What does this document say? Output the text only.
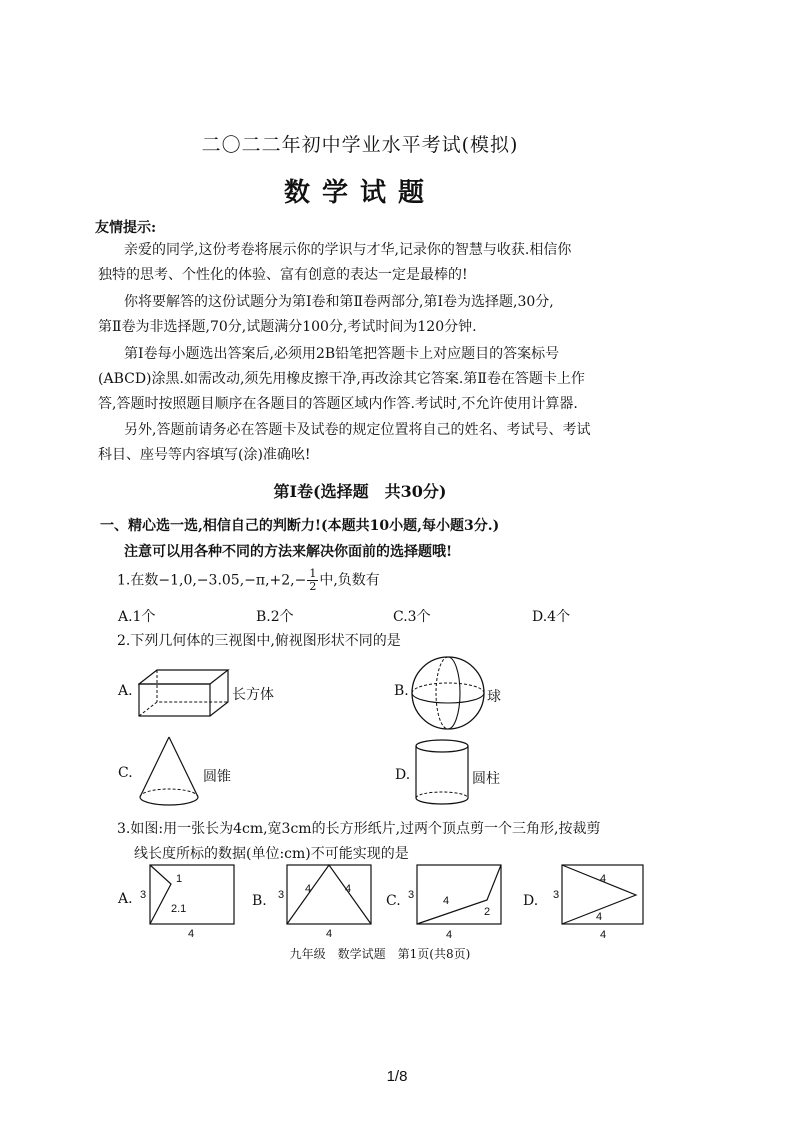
二〇二二年初中学业水平考试(模拟)
数学试题
友情提示:
亲爱的同学,这份考卷将展示你的学识与才华,记录你的智慧与收获.相信你
独特的思考、个性化的体验、富有创意的表达一定是最棒的!
你将要解答的这份试题分为第Ⅰ卷和第Ⅱ卷两部分,第Ⅰ卷为选择题,30分,
第Ⅱ卷为非选择题,70分,试题满分100分,考试时间为120分钟.
第Ⅰ卷每小题选出答案后,必须用2B铅笔把答题卡上对应题目的答案标号
(ABCD)涂黑.如需改动,须先用橡皮擦干净,再改涂其它答案.第Ⅱ卷在答题卡上作
答,答题时按照题目顺序在各题目的答题区域内作答.考试时,不允许使用计算器.
另外,答题前请务必在答题卡及试卷的规定位置将自己的姓名、考试号、考试
科目、座号等内容填写(涂)准确吆!
第Ⅰ卷(选择题　共30分)
一、精心选一选,相信自己的判断力!(本题共10小题,每小题3分.)
注意可以用各种不同的方法来解决你面前的选择题哦!
1.在数$-1,0,-3.05,-\pi,+2,- \frac{1}{2}$ 中,负数有
A.1个	B.2个	C.3个	D.4个
2.下列几何体的三视图中,俯视图形状不同的是
A.	长方体	B.	球
C.	圆锥	D.	圆柱
3.如图:用一张长为4cm,宽3cm的长方形纸片,过两个顶点剪一个三角形,按裁剪
线长度所标的数据(单位:cm)不可能实现的是
A. 3
1
2.1
4
B. 3 4	4
4
C. 3	4
2
4
D. 3
4
4
4
九年级　数学试题　第1页(共8页)
1/8
